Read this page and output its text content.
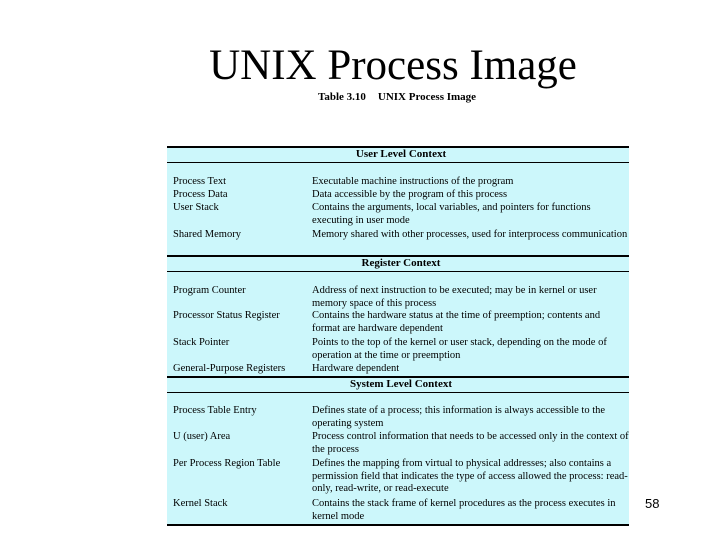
UNIX Process Image
Table 3.10 UNIX Process Image
User Level Context
Process Text	Executable machine instructions of the program
Process Data	Data accessible by the program of this process
User Stack	Contains the arguments, local variables, and pointers for functions executing in user mode
Shared Memory	Memory shared with other processes, used for interprocess communication
Register Context
Program Counter	Address of next instruction to be executed; may be in kernel or user memory space of this process
Processor Status Register	Contains the hardware status at the time of preemption; contents and format are hardware dependent
Stack Pointer	Points to the top of the kernel or user stack, depending on the mode of operation at the time or preemption
General-Purpose Registers	Hardware dependent
System Level Context
Process Table Entry	Defines state of a process; this information is always accessible to the operating system
U (user) Area	Process control information that needs to be accessed only in the context of the process
Per Process Region Table	Defines the mapping from virtual to physical addresses; also contains a permission field that indicates the type of access allowed the process: read-only, read-write, or read-execute
Kernel Stack	Contains the stack frame of kernel procedures as the process executes in kernel mode
58
